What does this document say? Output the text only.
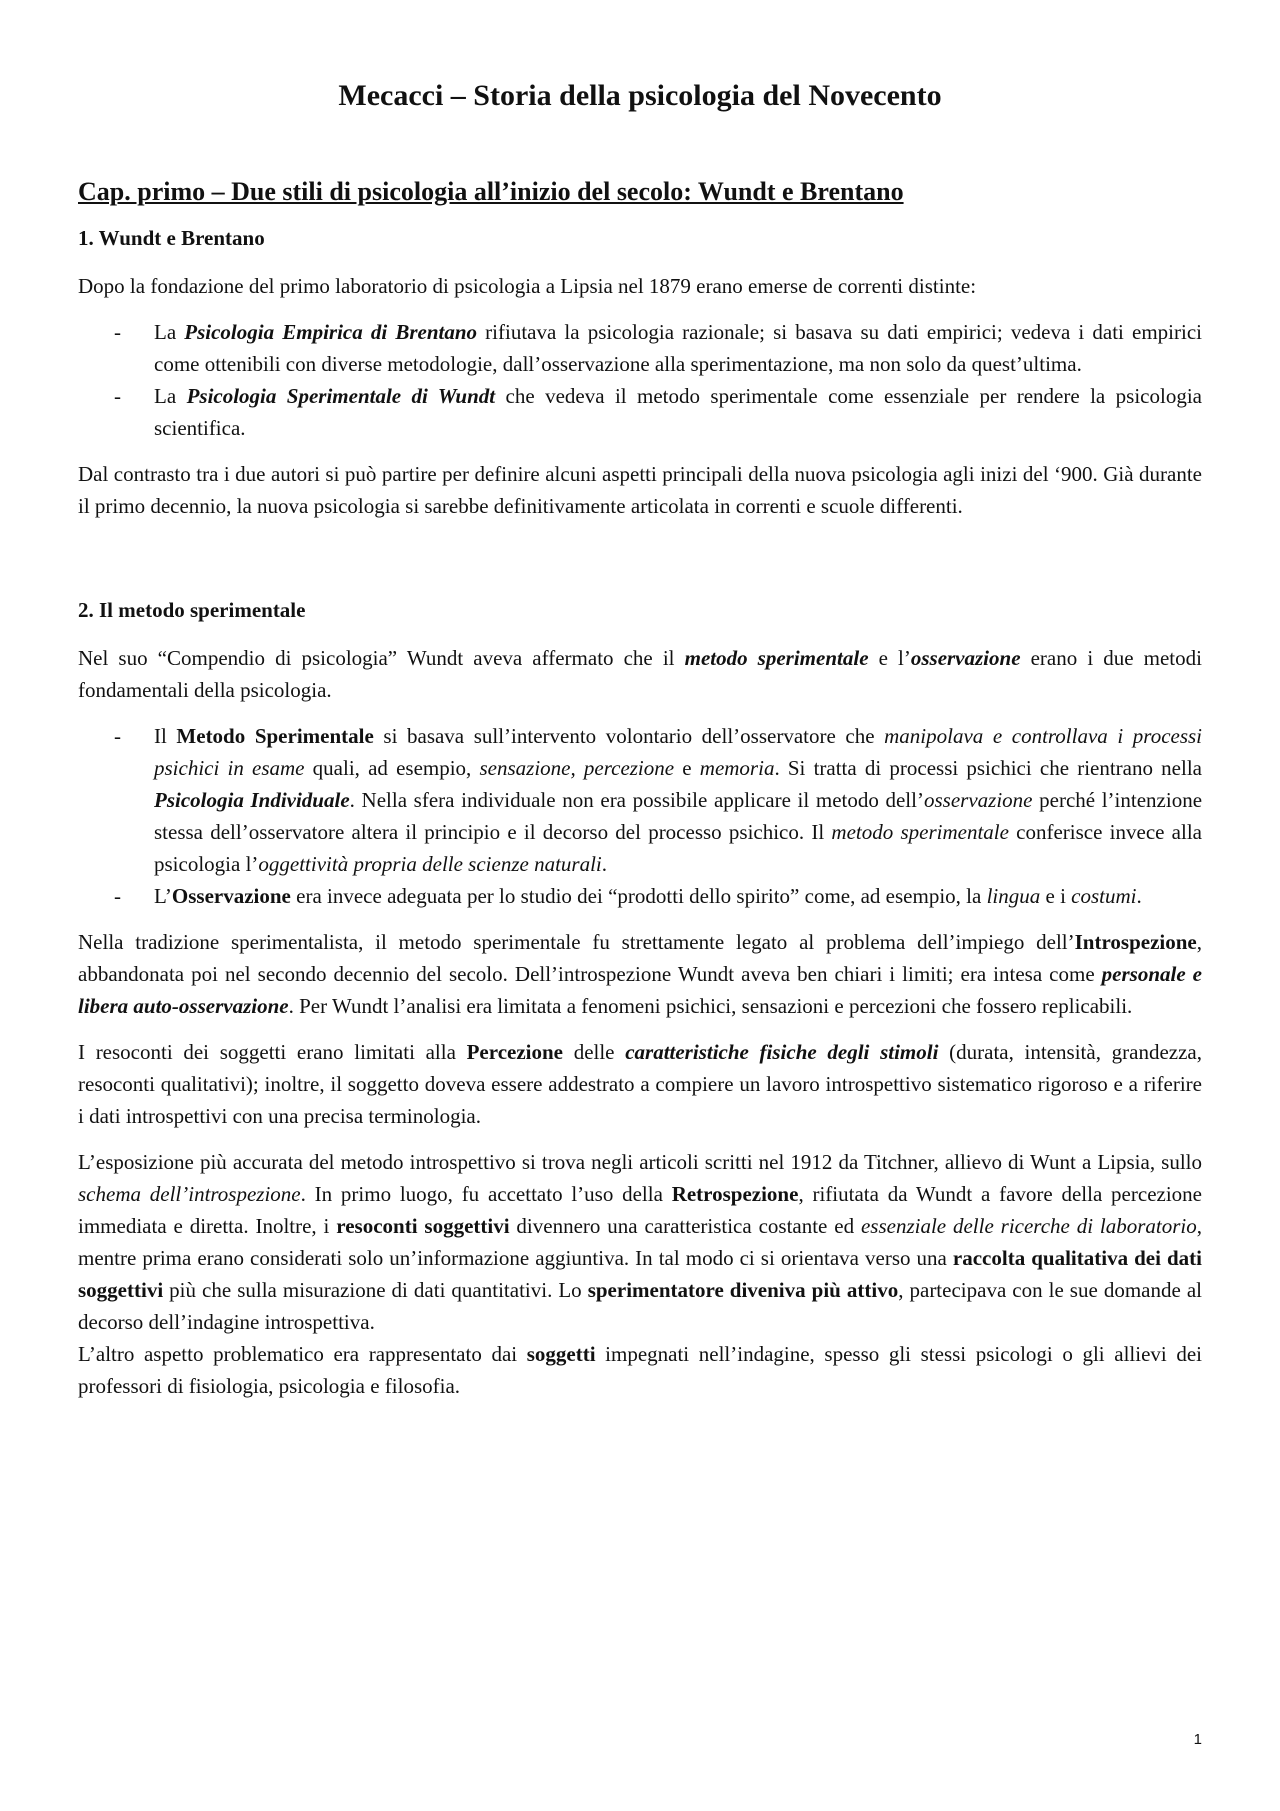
Mecacci – Storia della psicologia del Novecento
Cap. primo – Due stili di psicologia all’inizio del secolo: Wundt e Brentano
1. Wundt e Brentano

Dopo la fondazione del primo laboratorio di psicologia a Lipsia nel 1879 erano emerse de correnti distinte:

- La Psicologia Empirica di Brentano rifiutava la psicologia razionale; si basava su dati empirici; vedeva i dati empirici come ottenibili con diverse metodologie, dall’osservazione alla sperimentazione, ma non solo da quest’ultima.
- La Psicologia Sperimentale di Wundt che vedeva il metodo sperimentale come essenziale per rendere la psicologia scientifica.

Dal contrasto tra i due autori si può partire per definire alcuni aspetti principali della nuova psicologia agli inizi del ‘900. Già durante il primo decennio, la nuova psicologia si sarebbe definitivamente articolata in correnti e scuole differenti.

2. Il metodo sperimentale

Nel suo “Compendio di psicologia” Wundt aveva affermato che il metodo sperimentale e l’osservazione erano i due metodi fondamentali della psicologia.

- Il Metodo Sperimentale si basava sull’intervento volontario dell’osservatore che manipolava e controllava i processi psichici in esame quali, ad esempio, sensazione, percezione e memoria. Si tratta di processi psichici che rientrano nella Psicologia Individuale. Nella sfera individuale non era possibile applicare il metodo dell’osservazione perché l’intenzione stessa dell’osservatore altera il principio e il decorso del processo psichico. Il metodo sperimentale conferisce invece alla psicologia l’oggettività propria delle scienze naturali.
- L’Osservazione era invece adeguata per lo studio dei “prodotti dello spirito” come, ad esempio, la lingua e i costumi.

Nella tradizione sperimentalista, il metodo sperimentale fu strettamente legato al problema dell’impiego dell’Introspezione, abbandonata poi nel secondo decennio del secolo. Dell’introspezione Wundt aveva ben chiari i limiti; era intesa come personale e libera auto-osservazione. Per Wundt l’analisi era limitata a fenomeni psichici, sensazioni e percezioni che fossero replicabili.

I resoconti dei soggetti erano limitati alla Percezione delle caratteristiche fisiche degli stimoli (durata, intensità, grandezza, resoconti qualitativi); inoltre, il soggetto doveva essere addestrato a compiere un lavoro introspettivo sistematico rigoroso e a riferire i dati introspettivi con una precisa terminologia.

L’esposizione più accurata del metodo introspettivo si trova negli articoli scritti nel 1912 da Titchner, allievo di Wunt a Lipsia, sullo schema dell’introspezione. In primo luogo, fu accettato l’uso della Retrospezione, rifiutata da Wundt a favore della percezione immediata e diretta. Inoltre, i resoconti soggettivi divennero una caratteristica costante ed essenziale delle ricerche di laboratorio, mentre prima erano considerati solo un’informazione aggiuntiva. In tal modo ci si orientava verso una raccolta qualitativa dei dati soggettivi più che sulla misurazione di dati quantitativi. Lo sperimentatore diveniva più attivo, partecipava con le sue domande al decorso dell’indagine introspettiva.

L’altro aspetto problematico era rappresentato dai soggetti impegnati nell’indagine, spesso gli stessi psicologi o gli allievi dei professori di fisiologia, psicologia e filosofia.

1
